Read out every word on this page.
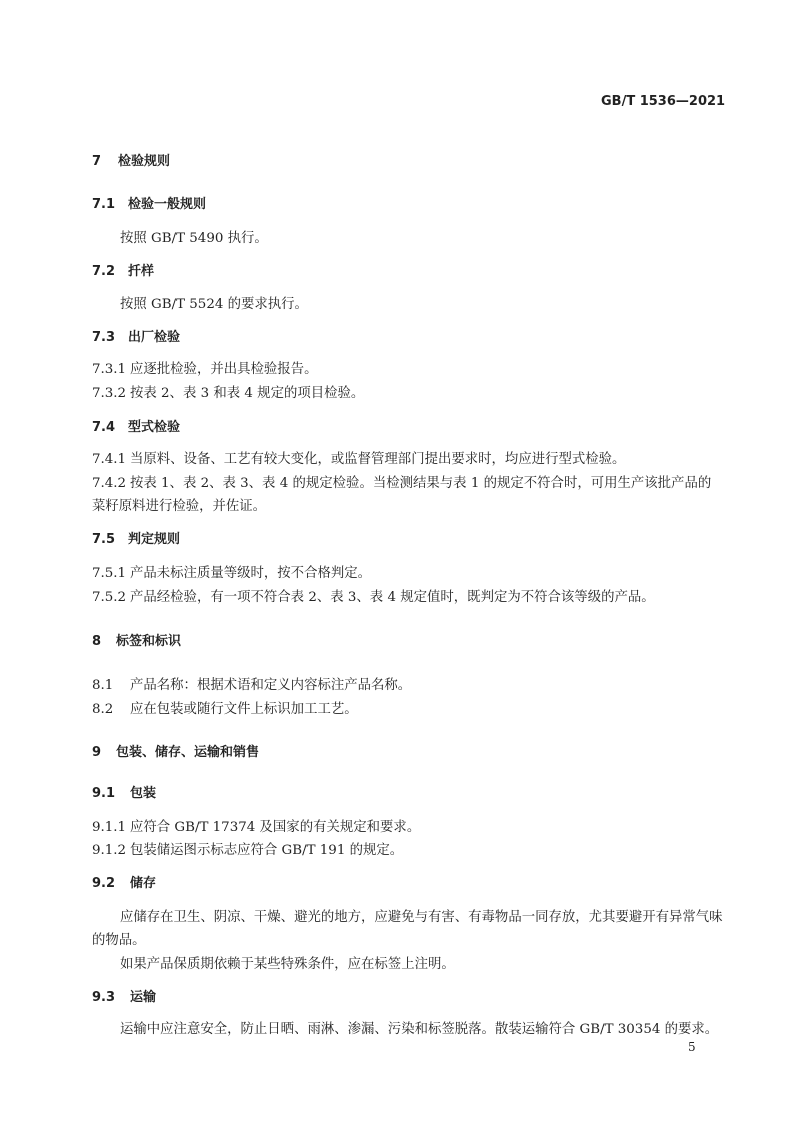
GB/T 1536—2021
7 检验规则
7.1 检验一般规则
按照 GB/T 5490 执行。
7.2 扦样
按照 GB/T 5524 的要求执行。
7.3 出厂检验
7.3.1 应逐批检验，并出具检验报告。
7.3.2 按表 2、表 3 和表 4 规定的项目检验。
7.4 型式检验
7.4.1 当原料、设备、工艺有较大变化，或监督管理部门提出要求时，均应进行型式检验。
7.4.2 按表 1、表 2、表 3、表 4 的规定检验。当检测结果与表 1 的规定不符合时，可用生产该批产品的
菜籽原料进行检验，并佐证。
7.5 判定规则
7.5.1 产品未标注质量等级时，按不合格判定。
7.5.2 产品经检验，有一项不符合表 2、表 3、表 4 规定值时，既判定为不符合该等级的产品。
8 标签和标识
8.1 产品名称：根据术语和定义内容标注产品名称。
8.2 应在包装或随行文件上标识加工工艺。
9 包装、储存、运输和销售
9.1 包装
9.1.1 应符合 GB/T 17374 及国家的有关规定和要求。
9.1.2 包装储运图示标志应符合 GB/T 191 的规定。
9.2 储存
应储存在卫生、阴凉、干燥、避光的地方，应避免与有害、有毒物品一同存放，尤其要避开有异常气味
的物品。
如果产品保质期依赖于某些特殊条件，应在标签上注明。
9.3 运输
运输中应注意安全，防止日晒、雨淋、渗漏、污染和标签脱落。散装运输符合 GB/T 30354 的要求。
5
